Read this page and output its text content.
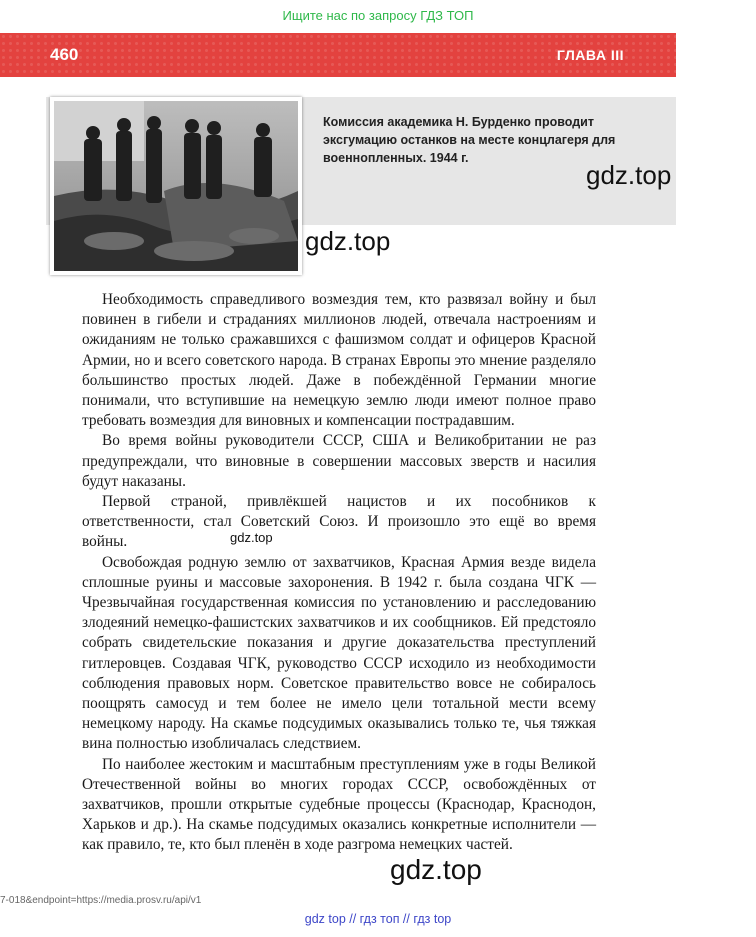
Ищите нас по запросу ГДЗ ТОП
460	ГЛАВА III
Комиссия академика Н. Бурденко проводит эксгумацию останков на месте концлагеря для военнопленных. 1944 г.
gdz.top
gdz.top

Необходимость справедливого возмездия тем, кто развязал войну и был повинен в гибели и страданиях миллионов людей, отвечала настроениям и ожиданиям не только сражавшихся с фашизмом солдат и офицеров Красной Армии, но и всего советского народа. В странах Европы это мнение разделяло большинство простых людей. Даже в побеждённой Германии многие понимали, что вступившие на немецкую землю люди имеют полное право требовать возмездия для виновных и компенсации пострадавшим.

Во время войны руководители СССР, США и Великобритании не раз предупреждали, что виновные в совершении массовых зверств и насилия будут наказаны.

Первой страной, привлёкшей нацистов и их пособников к ответственности, стал Советский Союз. И произошло это ещё во время войны.

Освобождая родную землю от захватчиков, Красная Армия везде видела сплошные руины и массовые захоронения. В 1942 г. была создана ЧГК — Чрезвычайная государственная комиссия по установлению и расследованию злодеяний немецко-фашистских захватчиков и их сообщников. Ей предстояло собрать свидетельские показания и другие доказательства преступлений гитлеровцев. Создавая ЧГК, руководство СССР исходило из необходимости соблюдения правовых норм. Советское правительство вовсе не собиралось поощрять самосуд и тем более не имело цели тотальной мести всему немецкому народу. На скамье подсудимых оказывались только те, чья тяжкая вина полностью изобличалась следствием.

По наиболее жестоким и масштабным преступлениям уже в годы Великой Отечественной войны во многих городах СССР, освобождённых от захватчиков, прошли открытые судебные процессы (Краснодар, Краснодон, Харьков и др.). На скамье подсудимых оказались конкретные исполнители — как правило, те, кто был пленён в ходе разгрома немецких частей.

gdz.top
gdz.top
7-018&endpoint=https://media.prosv.ru/api/v1
gdz top // гдз топ // гдз top
